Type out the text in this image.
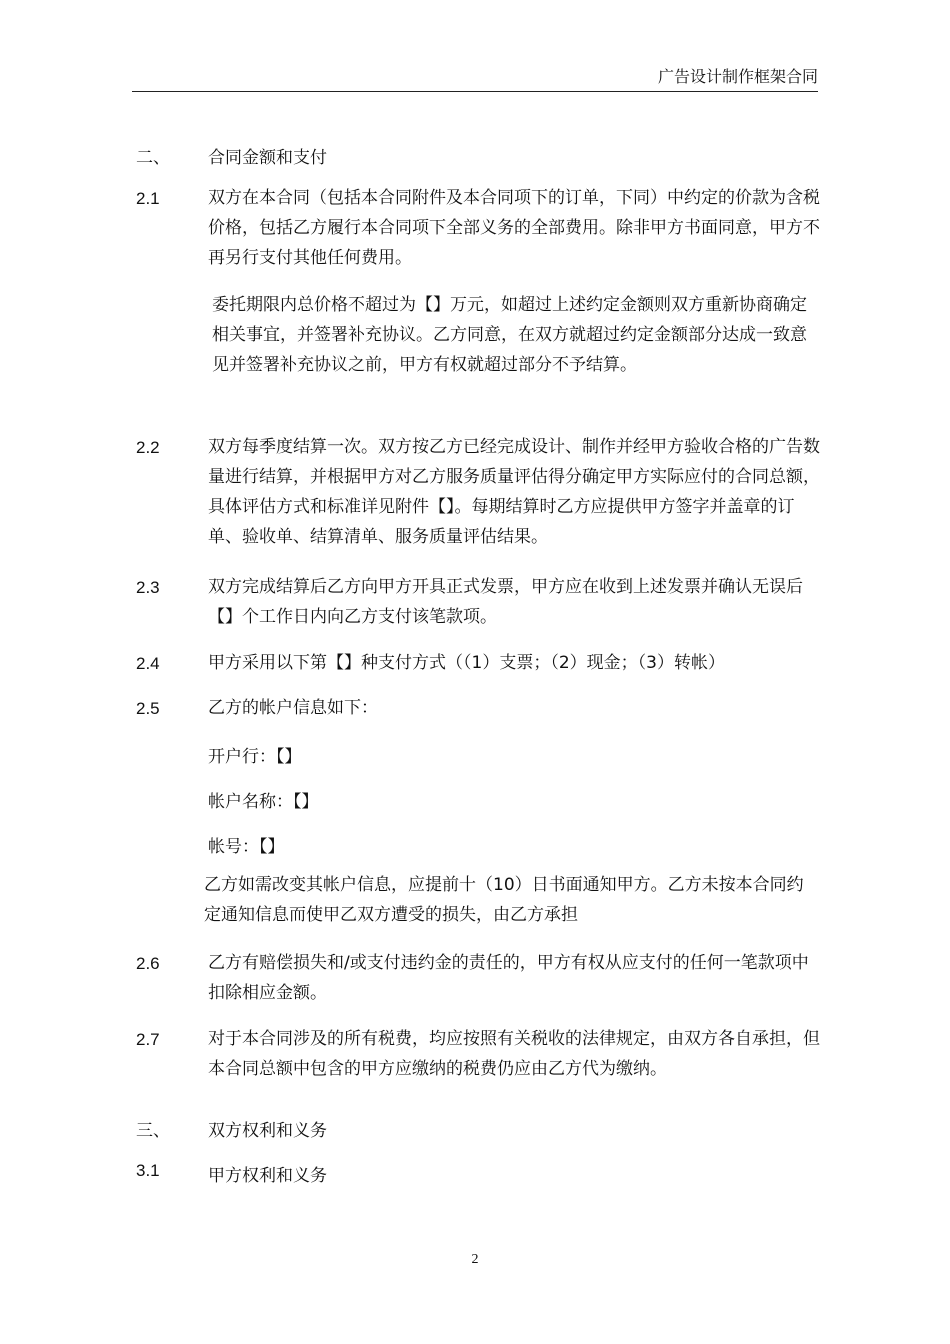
广告设计制作框架合同
二、 合同金额和支付
2.1	双方在本合同（包括本合同附件及本合同项下的订单，下同）中约定的价款为含税价格，包括乙方履行本合同项下全部义务的全部费用。除非甲方书面同意，甲方不再另行支付其他任何费用。
委托期限内总价格不超过为【】万元，如超过上述约定金额则双方重新协商确定相关事宜，并签署补充协议。乙方同意，在双方就超过约定金额部分达成一致意见并签署补充协议之前，甲方有权就超过部分不予结算。
2.2	双方每季度结算一次。双方按乙方已经完成设计、制作并经甲方验收合格的广告数量进行结算，并根据甲方对乙方服务质量评估得分确定甲方实际应付的合同总额，具体评估方式和标准详见附件【】。每期结算时乙方应提供甲方签字并盖章的订单、验收单、结算清单、服务质量评估结果。
2.3	双方完成结算后乙方向甲方开具正式发票，甲方应在收到上述发票并确认无误后【】个工作日内向乙方支付该笔款项。
2.4	甲方采用以下第【】种支付方式（（1）支票；（2）现金；（3）转帐）
2.5	乙方的帐户信息如下：
开户行：【】
帐户名称：【】
帐号：【】
乙方如需改变其帐户信息，应提前十（10）日书面通知甲方。乙方未按本合同约定通知信息而使甲乙双方遭受的损失，由乙方承担
2.6	乙方有赔偿损失和/或支付违约金的责任的，甲方有权从应支付的任何一笔款项中扣除相应金额。
2.7	对于本合同涉及的所有税费，均应按照有关税收的法律规定，由双方各自承担，但本合同总额中包含的甲方应缴纳的税费仍应由乙方代为缴纳。
三、 双方权利和义务
3.1	甲方权利和义务
2
